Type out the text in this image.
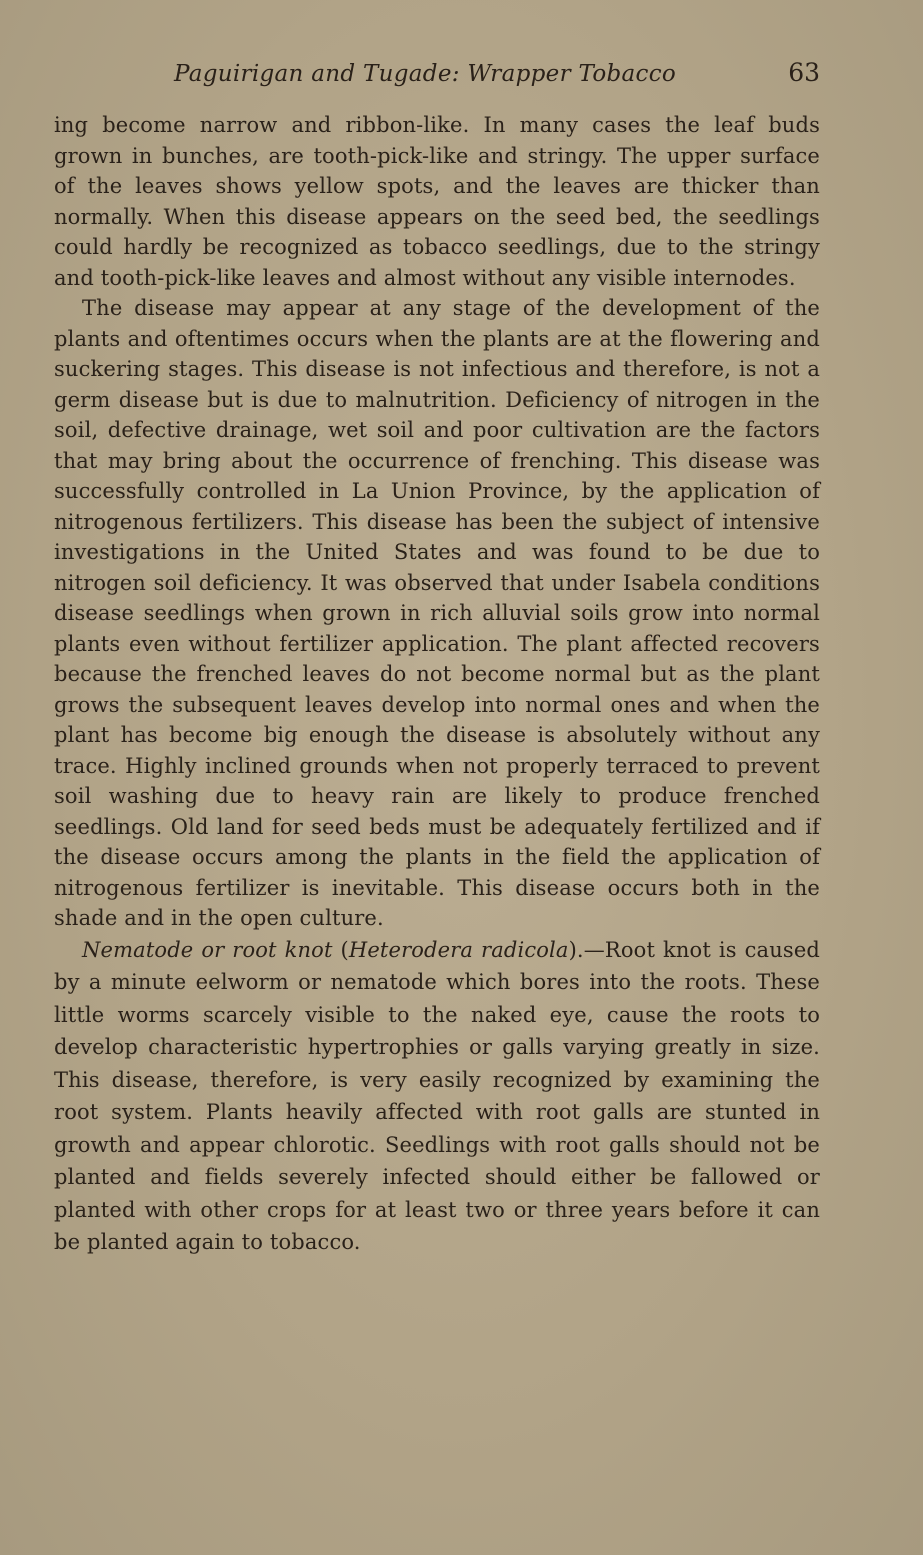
Paguirigan and Tugade: Wrapper Tobacco	63

ing become narrow and ribbon-like. In many cases the leaf buds grown in bunches, are tooth-pick-like and stringy. The upper surface of the leaves shows yellow spots, and the leaves are thicker than normally. When this disease appears on the seed bed, the seedlings could hardly be recognized as tobacco seedlings, due to the stringy and tooth-pick-like leaves and almost without any visible internodes.

The disease may appear at any stage of the development of the plants and oftentimes occurs when the plants are at the flowering and suckering stages. This disease is not infectious and therefore, is not a germ disease but is due to malnutrition. Deficiency of nitrogen in the soil, defective drainage, wet soil and poor cultivation are the factors that may bring about the occurrence of frenching. This disease was successfully controlled in La Union Province, by the application of nitrogenous fertilizers. This disease has been the subject of intensive investigations in the United States and was found to be due to nitrogen soil deficiency. It was observed that under Isabela conditions disease seedlings when grown in rich alluvial soils grow into normal plants even without fertilizer application. The plant affected recovers because the frenched leaves do not become normal but as the plant grows the subsequent leaves develop into normal ones and when the plant has become big enough the disease is absolutely without any trace. Highly inclined grounds when not properly terraced to prevent soil washing due to heavy rain are likely to produce frenched seedlings. Old land for seed beds must be adequately fertilized and if the disease occurs among the plants in the field the application of nitrogenous fertilizer is inevitable. This disease occurs both in the shade and in the open culture.

Nematode or root knot (Heterodera radicola).—Root knot is caused by a minute eelworm or nematode which bores into the roots. These little worms scarcely visible to the naked eye, cause the roots to develop characteristic hypertrophies or galls varying greatly in size. This disease, therefore, is very easily recognized by examining the root system. Plants heavily affected with root galls are stunted in growth and appear chlorotic. Seedlings with root galls should not be planted and fields severely infected should either be fallowed or planted with other crops for at least two or three years before it can be planted again to tobacco.
